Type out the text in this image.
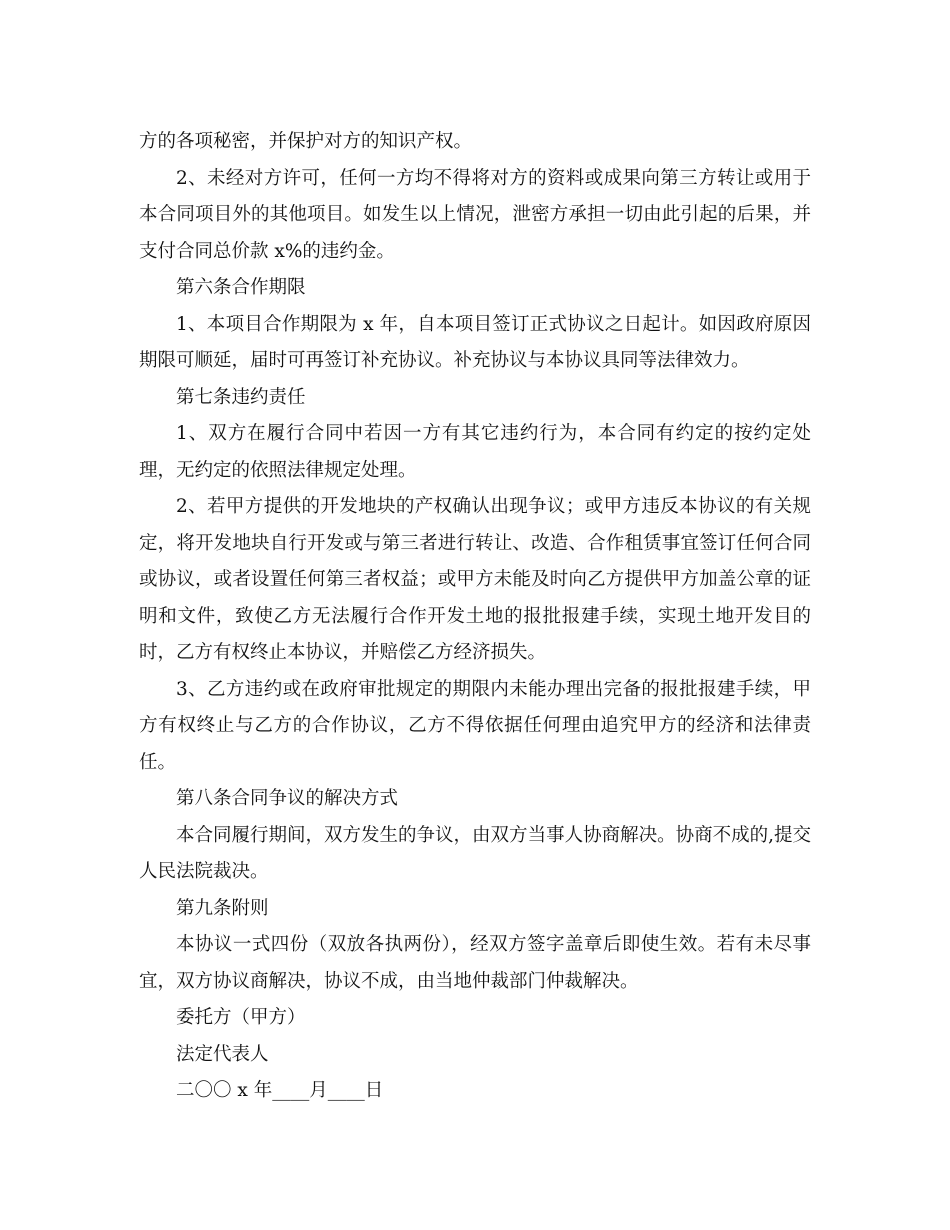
方的各项秘密，并保护对方的知识产权。

2、未经对方许可，任何一方均不得将对方的资料或成果向第三方转让或用于本合同项目外的其他项目。如发生以上情况，泄密方承担一切由此引起的后果，并支付合同总价款 x%的违约金。

第六条合作期限

1、本项目合作期限为 x 年，自本项目签订正式协议之日起计。如因政府原因期限可顺延，届时可再签订补充协议。补充协议与本协议具同等法律效力。

第七条违约责任

1、双方在履行合同中若因一方有其它违约行为，本合同有约定的按约定处理，无约定的依照法律规定处理。

2、若甲方提供的开发地块的产权确认出现争议；或甲方违反本协议的有关规定，将开发地块自行开发或与第三者进行转让、改造、合作租赁事宜签订任何合同或协议，或者设置任何第三者权益；或甲方未能及时向乙方提供甲方加盖公章的证明和文件，致使乙方无法履行合作开发土地的报批报建手续，实现土地开发目的时，乙方有权终止本协议，并赔偿乙方经济损失。

3、乙方违约或在政府审批规定的期限内未能办理出完备的报批报建手续，甲方有权终止与乙方的合作协议，乙方不得依据任何理由追究甲方的经济和法律责任。

第八条合同争议的解决方式

本合同履行期间，双方发生的争议，由双方当事人协商解决。协商不成的,提交人民法院裁决。

第九条附则

本协议一式四份（双放各执两份），经双方签字盖章后即使生效。若有未尽事宜，双方协议商解决，协议不成，由当地仲裁部门仲裁解决。

委托方（甲方）

法定代表人

二〇〇 x 年____月____日
